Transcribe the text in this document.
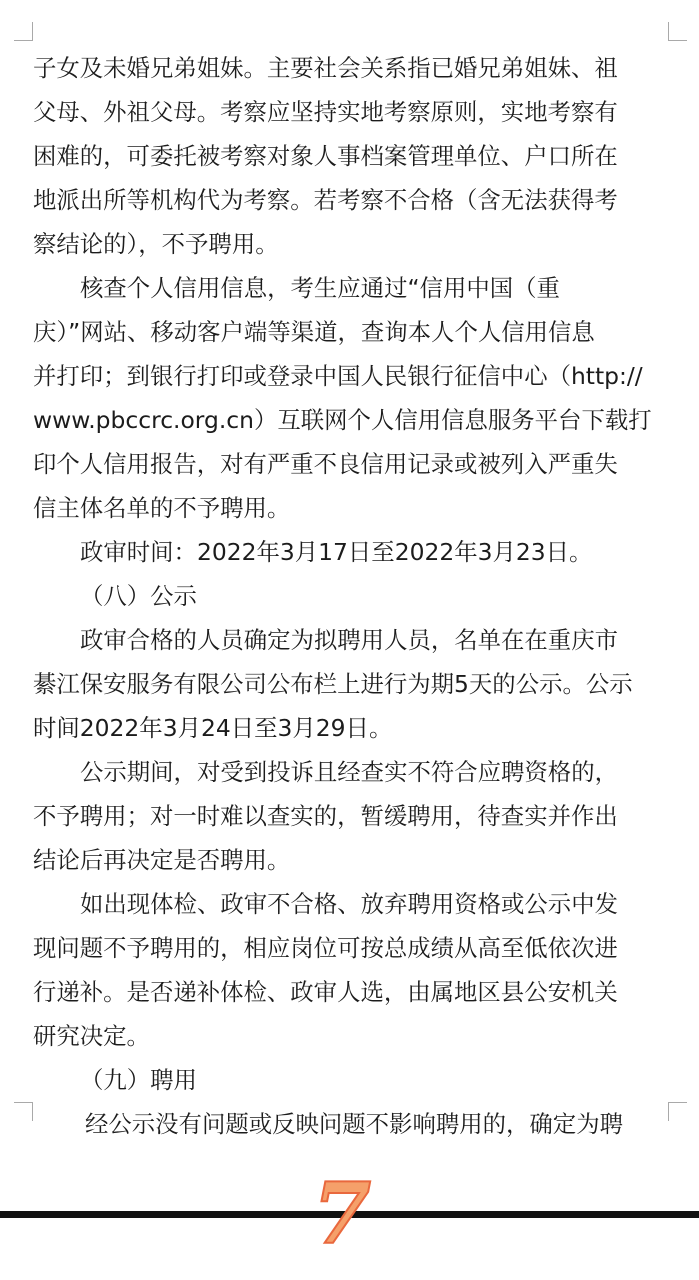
子女及未婚兄弟姐妹。主要社会关系指已婚兄弟姐妹、祖
父母、外祖父母。考察应坚持实地考察原则，实地考察有
困难的，可委托被考察对象人事档案管理单位、户口所在
地派出所等机构代为考察。若考察不合格（含无法获得考
察结论的），不予聘用。
核查个人信用信息，考生应通过“信用中国（重
庆）”网站、移动客户端等渠道，查询本人个人信用信息
并打印；到银行打印或登录中国人民银行征信中心（http://
www.pbccrc.org.cn）互联网个人信用信息服务平台下载打
印个人信用报告，对有严重不良信用记录或被列入严重失
信主体名单的不予聘用。
政审时间：2022年3月17日至2022年3月23日。
（八）公示
政审合格的人员确定为拟聘用人员，名单在在重庆市
綦江保安服务有限公司公布栏上进行为期5天的公示。公示
时间2022年3月24日至3月29日。
公示期间，对受到投诉且经查实不符合应聘资格的，
不予聘用；对一时难以查实的，暂缓聘用，待查实并作出
结论后再决定是否聘用。
如出现体检、政审不合格、放弃聘用资格或公示中发
现问题不予聘用的，相应岗位可按总成绩从高至低依次进
行递补。是否递补体检、政审人选，由属地区县公安机关
研究决定。
（九）聘用
经公示没有问题或反映问题不影响聘用的，确定为聘
7
